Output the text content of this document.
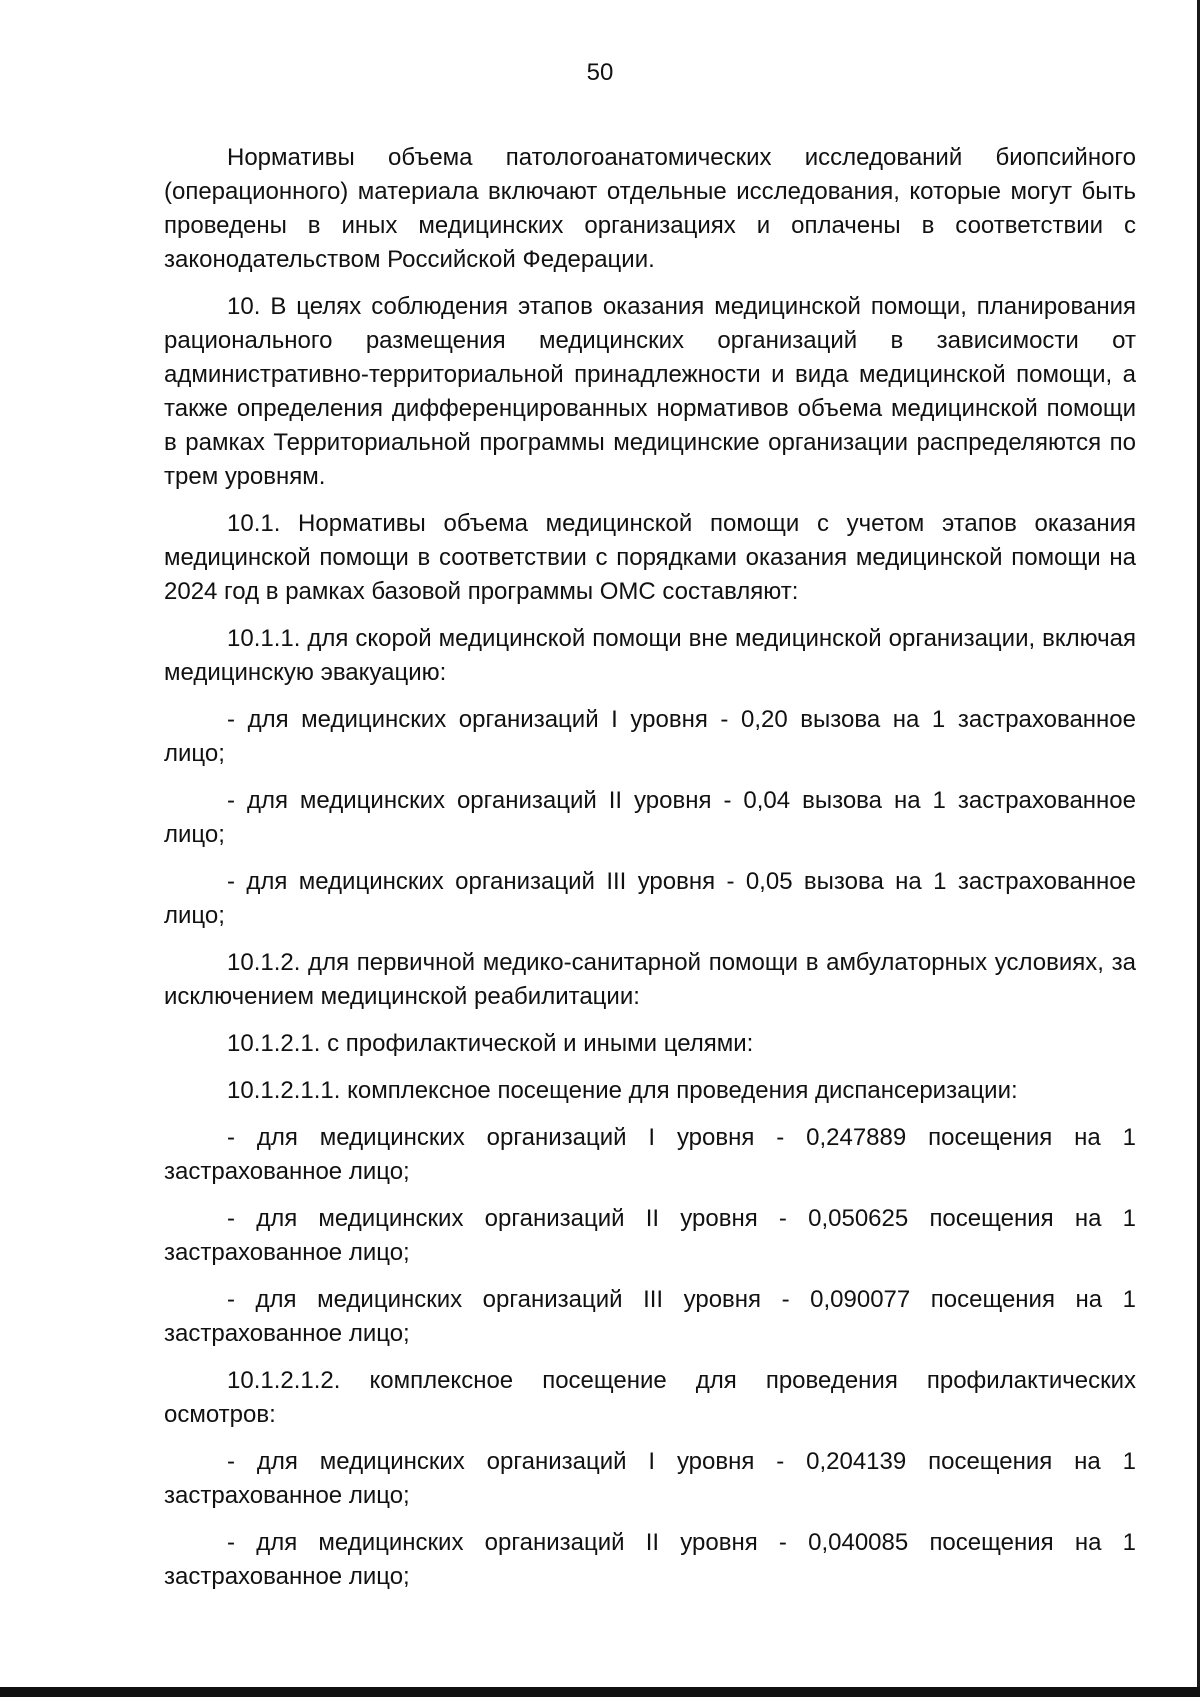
50

Нормативы объема патологоанатомических исследований биопсийного (операционного) материала включают отдельные исследования, которые могут быть проведены в иных медицинских организациях и оплачены в соответствии с законодательством Российской Федерации.

10. В целях соблюдения этапов оказания медицинской помощи, планирования рационального размещения медицинских организаций в зависимости от административно-территориальной принадлежности и вида медицинской помощи, а также определения дифференцированных нормативов объема медицинской помощи в рамках Территориальной программы медицинские организации распределяются по трем уровням.

10.1. Нормативы объема медицинской помощи с учетом этапов оказания медицинской помощи в соответствии с порядками оказания медицинской помощи на 2024 год в рамках базовой программы ОМС составляют:

10.1.1. для скорой медицинской помощи вне медицинской организации, включая медицинскую эвакуацию:

- для медицинских организаций I уровня - 0,20 вызова на 1 застрахованное лицо;

- для медицинских организаций II уровня - 0,04 вызова на 1 застрахованное лицо;

- для медицинских организаций III уровня - 0,05 вызова на 1 застрахованное лицо;

10.1.2. для первичной медико-санитарной помощи в амбулаторных условиях, за исключением медицинской реабилитации:

10.1.2.1. с профилактической и иными целями:

10.1.2.1.1. комплексное посещение для проведения диспансеризации:

- для медицинских организаций I уровня - 0,247889 посещения на 1 застрахованное лицо;

- для медицинских организаций II уровня - 0,050625 посещения на 1 застрахованное лицо;

- для медицинских организаций III уровня - 0,090077 посещения на 1 застрахованное лицо;

10.1.2.1.2. комплексное посещение для проведения профилактических осмотров:

- для медицинских организаций I уровня - 0,204139 посещения на 1 застрахованное лицо;

- для медицинских организаций II уровня - 0,040085 посещения на 1 застрахованное лицо;
